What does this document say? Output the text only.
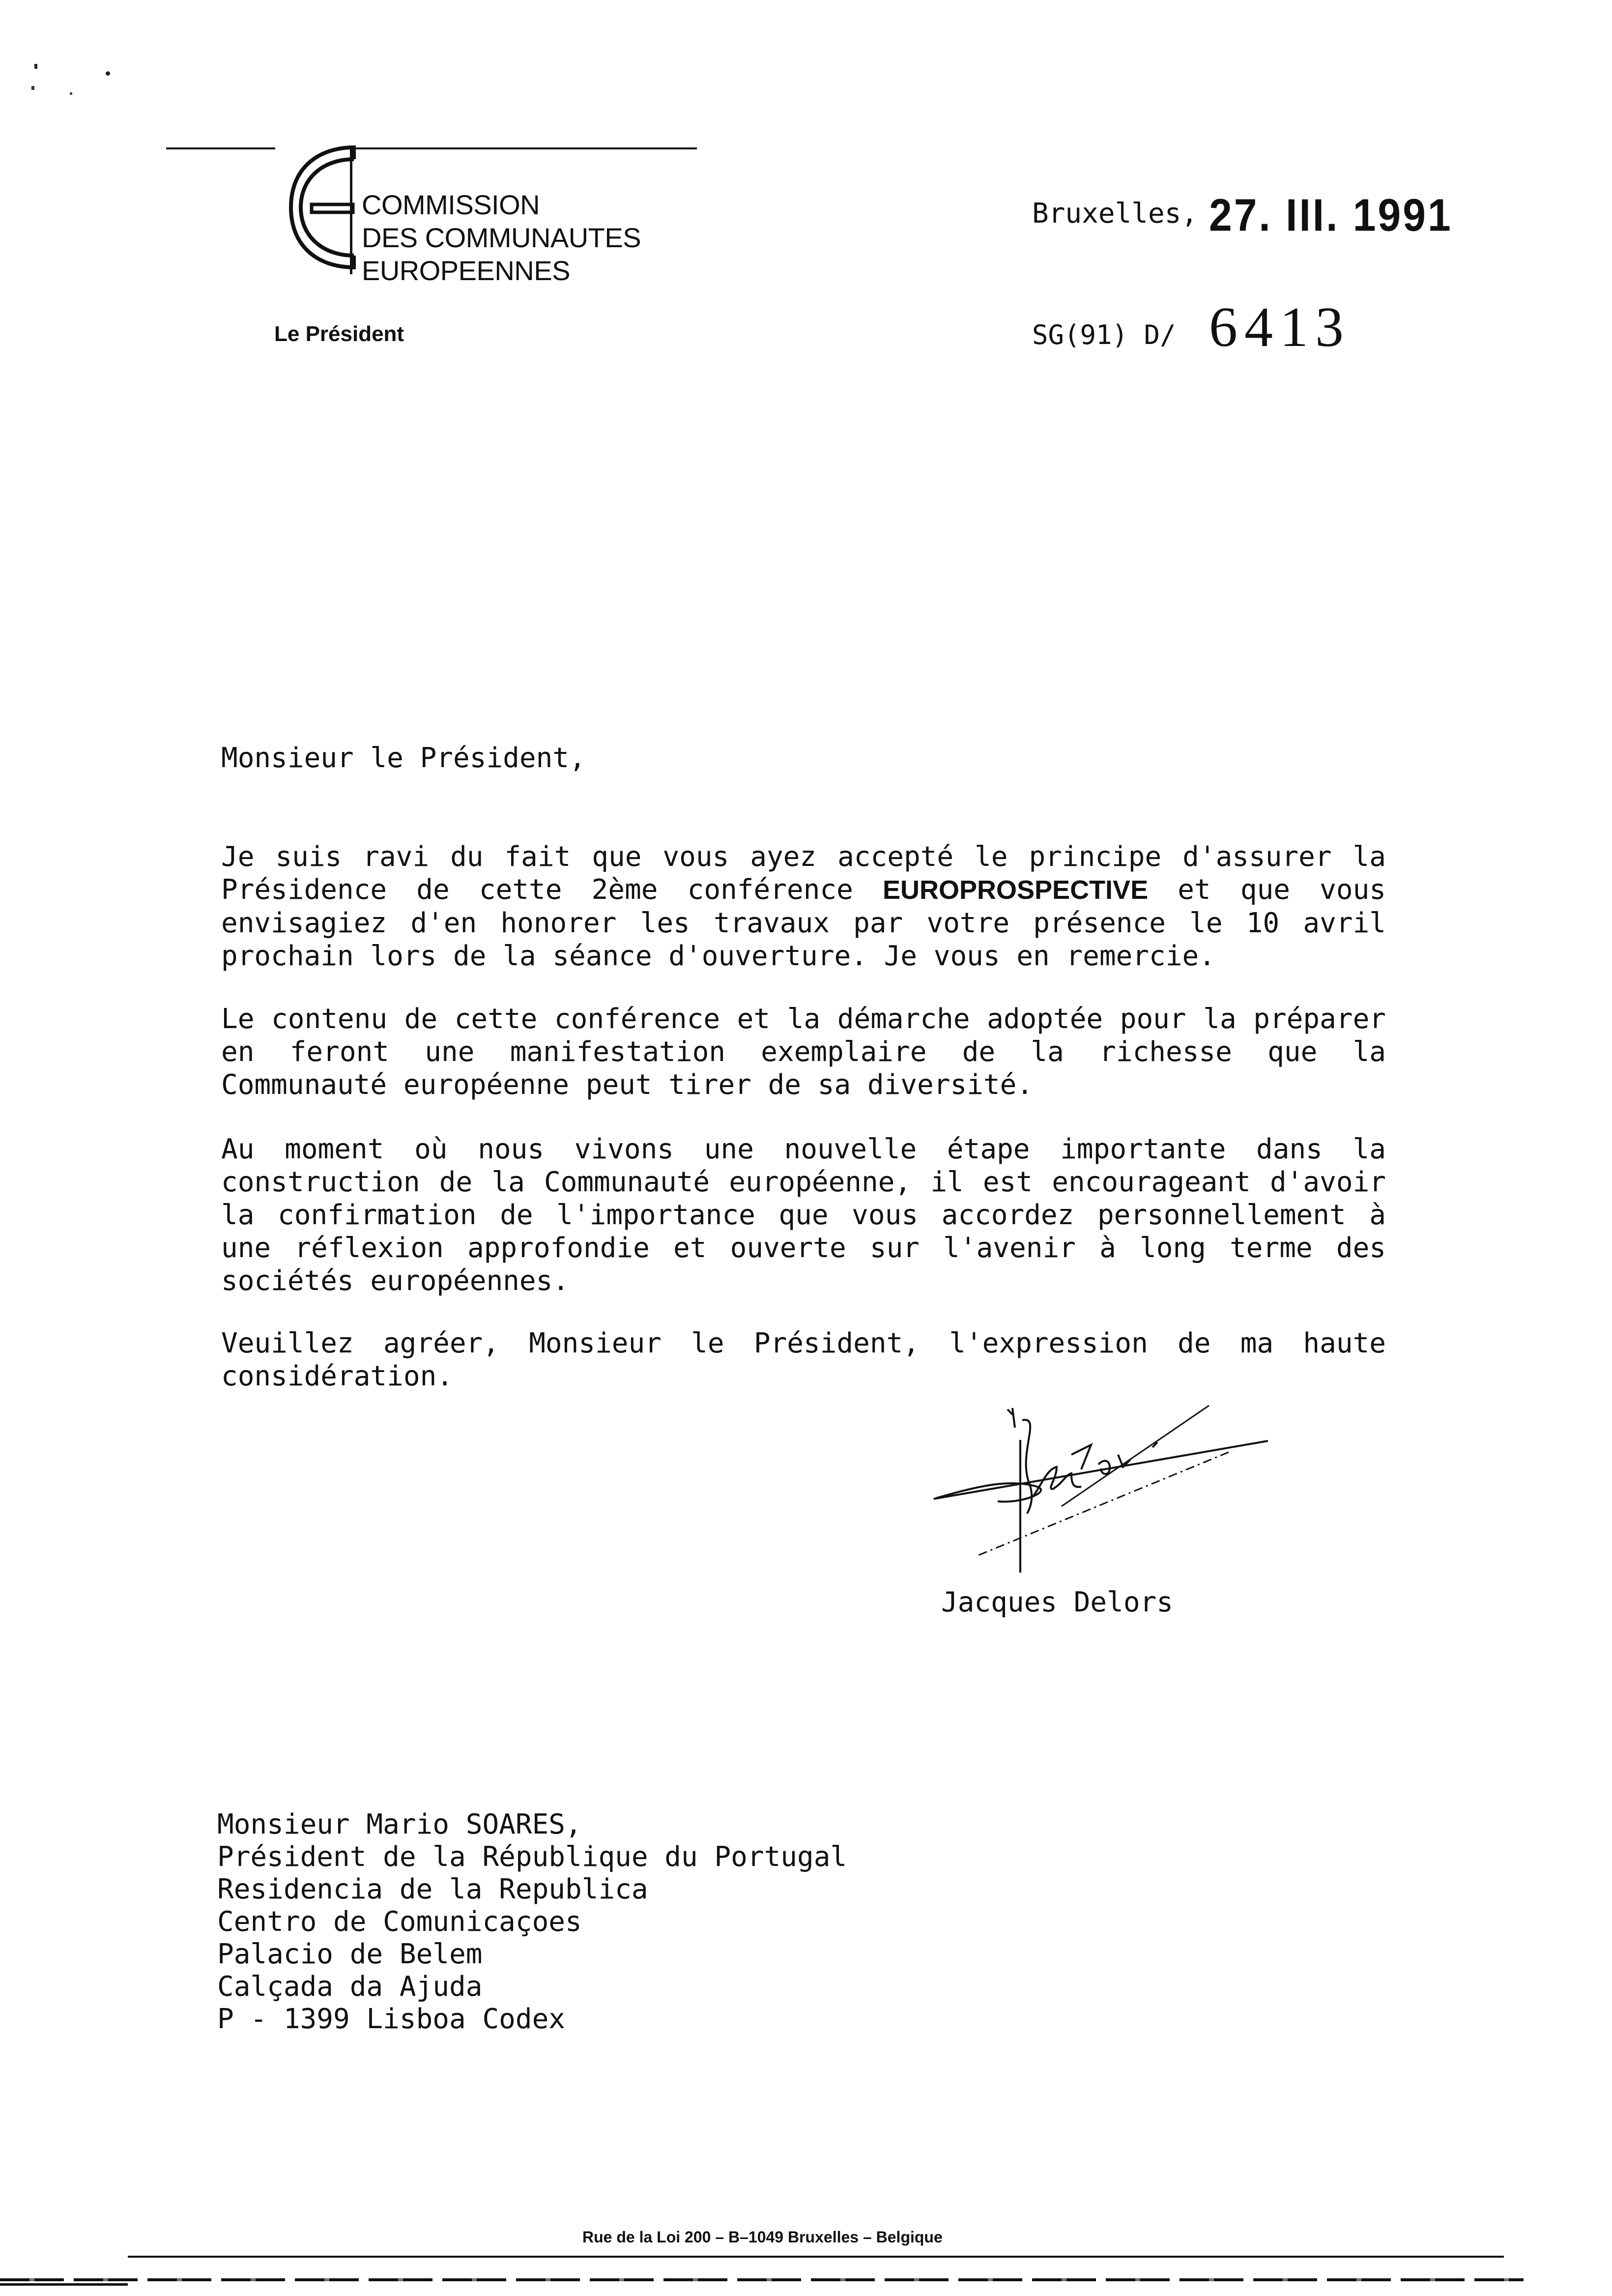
COMMISSION
DES COMMUNAUTES
EUROPEENNES
Le Président
Bruxelles, 27. III. 1991
SG(91) D/ 6413
Monsieur le Président,
Je suis ravi du fait que vous ayez accepté le principe d'assurer la Présidence de cette 2ème conférence EUROPROSPECTIVE et que vous envisagiez d'en honorer les travaux par votre présence le 10 avril prochain lors de la séance d'ouverture. Je vous en remercie.
Le contenu de cette conférence et la démarche adoptée pour la préparer en feront une manifestation exemplaire de la richesse que la Communauté européenne peut tirer de sa diversité.
Au moment où nous vivons une nouvelle étape importante dans la construction de la Communauté européenne, il est encourageant d'avoir la confirmation de l'importance que vous accordez personnellement à une réflexion approfondie et ouverte sur l'avenir à long terme des sociétés européennes.
Veuillez agréer, Monsieur le Président, l'expression de ma haute considération.
Jacques Delors
Monsieur Mario SOARES,
Président de la République du Portugal
Residencia de la Republica
Centro de Comunicaçoes
Palacio de Belem
Calçada da Ajuda
P - 1399 Lisboa Codex
Rue de la Loi 200 – B–1049 Bruxelles – Belgique
